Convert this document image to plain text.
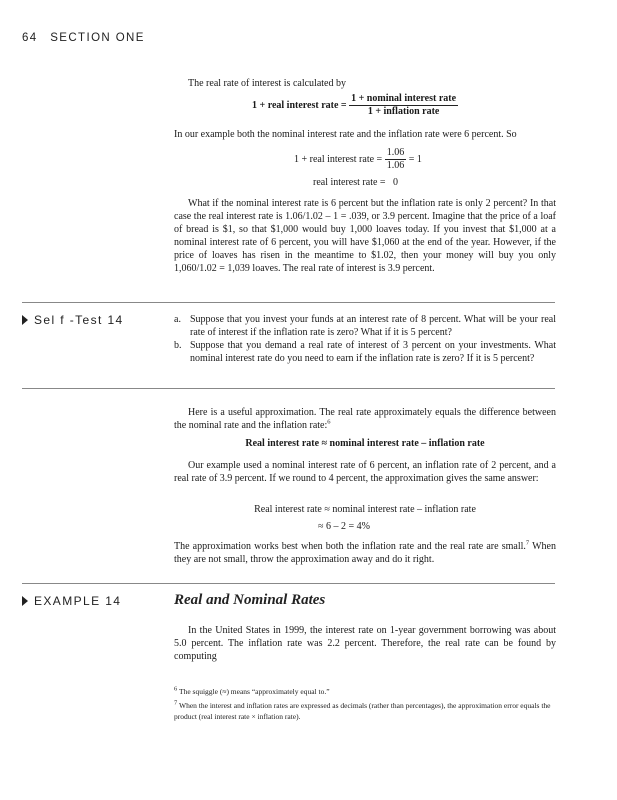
64 SECTION ONE
The real rate of interest is calculated by
1 + real interest rate = $\frac{\text{1 + nominal interest rate}}{\text{1 + inflation rate}}$
In our example both the nominal interest rate and the inflation rate were 6 percent. So
1 + real interest rate = $\frac{1.06}{1.06} = 1$
real interest rate =   0
What if the nominal interest rate is 6 percent but the inflation rate is only 2 percent? In that case the real interest rate is 1.06/1.02 – 1 = .039, or 3.9 percent. Imagine that the price of a loaf of bread is $1, so that $1,000 would buy 1,000 loaves today. If you invest that $1,000 at a nominal interest rate of 6 percent, you will have $1,060 at the end of the year. However, if the price of loaves has risen in the meantime to $1.02, then your money will buy you only 1,060/1.02 = 1,039 loaves. The real rate of interest is 3.9 percent.
Sel f -Test 14	a. Suppose that you invest your funds at an interest rate of 8 percent. What will be your real rate of interest if the inflation rate is zero? What if it is 5 percent?
b. Suppose that you demand a real rate of interest of 3 percent on your investments. What nominal interest rate do you need to earn if the inflation rate is zero? If it is 5 percent?
Here is a useful approximation. The real rate approximately equals the difference between the nominal rate and the inflation rate:$^6$
Real interest rate ≈ nominal interest rate – inflation rate
Our example used a nominal interest rate of 6 percent, an inflation rate of 2 percent, and a real rate of 3.9 percent. If we round to 4 percent, the approximation gives the same answer:
Real interest rate ≈ nominal interest rate – inflation rate
≈ 6 – 2 = 4%
The approximation works best when both the inflation rate and the real rate are small.$^7$ When they are not small, throw the approximation away and do it right.
EXAMPLE 14	Real and Nominal Rates
In the United States in 1999, the interest rate on 1-year government borrowing was about 5.0 percent. The inflation rate was 2.2 percent. Therefore, the real rate can be found by computing
$^6$ The squiggle (≈) means “approximately equal to.”
$^7$ When the interest and inflation rates are expressed as decimals (rather than percentages), the approximation error equals the product (real interest rate × inflation rate).
